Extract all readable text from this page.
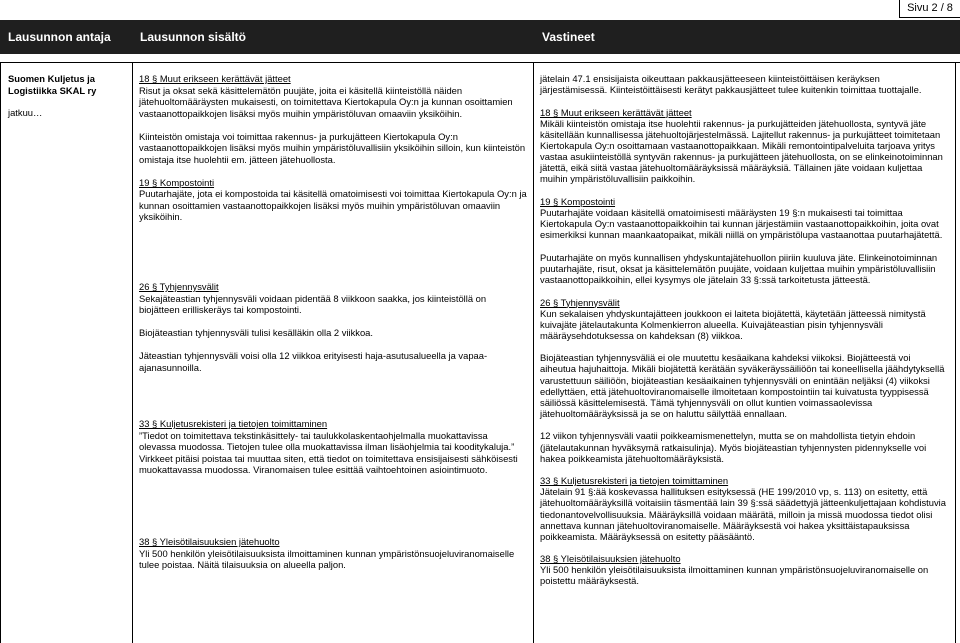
Sivu 2 / 8
Lausunnon antaja Lausunnon sisältö	Vastineet
Suomen Kuljetus ja Logistiikka SKAL ry
jatkuu…
18 § Muut erikseen kerättävät jätteet

Risut ja oksat sekä käsittelemätön puujäte, joita ei käsitellä kiinteistöllä näiden jätehuoltomääräysten mukaisesti, on toimitettava Kiertokapula Oy:n ja kunnan osoittamien vastaanottopaikkojen lisäksi myös muihin ympäristöluvan omaaviin yksiköihin.

Kiinteistön omistaja voi toimittaa rakennus- ja purkujätteen Kiertokapula Oy:n vastaanottopaikkojen lisäksi myös muihin ympäristöluvallisiin yksiköihin silloin, kun kiinteistön omistaja itse huolehtii em. jätteen jätehuollosta.

19 § Kompostointi

Puutarhajäte, jota ei kompostoida tai käsitellä omatoimisesti voi toimittaa Kiertokapula Oy:n ja kunnan osoittamien vastaanottopaikkojen lisäksi myös muihin ympäristöluvan omaaviin yksiköihin.

26 § Tyhjennysvälit

Sekajäteastian tyhjennysväli voidaan pidentää 8 viikkoon saakka, jos kiinteistöllä on biojätteen erilliskeräys tai kompostointi.

Biojäteastian tyhjennysväli tulisi kesälläkin olla 2 viikkoa.

Jäteastian tyhjennysväli voisi olla 12 viikkoa erityisesti haja-asutusalueella ja vapaa-ajanasunnoilla.

33 § Kuljetusrekisteri ja tietojen toimittaminen

”Tiedot on toimitettava tekstinkäsittely- tai taulukkolaskentaohjelmalla muokattavissa olevassa muodossa. Tietojen tulee olla muokattavissa ilman lisäohjelmia tai kooditykaluja.” Virkkeet pitäisi poistaa tai muuttaa siten, että tiedot on toimitettava ensisijaisesti sähköisesti muokattavassa muodossa. Viranomaisen tulee esittää vaihtoehtoinen asiointimuoto.

38 § Yleisötilaisuuksien jätehuolto

Yli 500 henkilön yleisötilaisuuksista ilmoittaminen kunnan ympäristönsuojeluviranomaiselle tulee poistaa. Näitä tilaisuuksia on alueella paljon.

jätelain 47.1 ensisijaista oikeuttaan pakkausjätteeseen kiinteistöittäisen keräyksen järjestämisessä. Kiinteistöittäisesti kerätyt pakkausjätteet tulee kuitenkin toimittaa tuottajalle.

18 § Muut erikseen kerättävät jätteet

Mikäli kiinteistön omistaja itse huolehtii rakennus- ja purkujätteiden jätehuollosta, syntyvä jäte käsitellään kunnallisessa jätehuoltojärjestelmässä. Lajitellut rakennus- ja purkujätteet toimitetaan Kiertokapula Oy:n osoittamaan vastaanottopaikkaan. Mikäli remontointipalveluita tarjoava yritys vastaa asukiinteistöllä syntyvän rakennus- ja purkujätteen jätehuollosta, on se elinkeinotoiminnan jätettä, eikä siitä vastaa jätehuoltomääräyksissä määräyksiä. Tällainen jäte voidaan kuljettaa muihin ympäristöluvallisiin paikkoihin.

19 § Kompostointi

Puutarhajäte voidaan käsitellä omatoimisesti määräysten 19 §:n mukaisesti tai toimittaa Kiertokapula Oy:n vastaanottopaikkoihin tai kunnan järjestämiin vastaanottopaikkoihin, joita ovat esimerkiksi kunnan maankaatopaikat, mikäli niillä on ympäristölupa vastaanottaa puutarhajätettä.

Puutarhajäte on myös kunnallisen yhdyskuntajätehuollon piiriin kuuluva jäte. Elinkeinotoiminnan puutarhajäte, risut, oksat ja käsittelemätön puujäte, voidaan kuljettaa muihin ympäristöluvallisiin vastaanottopaikkoihin, ellei kysymys ole jätelain 33 §:ssä tarkoitetusta jätteestä.

26 § Tyhjennysvälit

Kun sekalaisen yhdyskuntajätteen joukkoon ei laiteta biojätettä, käytetään jätteessä nimitystä kuivajäte jätelautakunta Kolmenkierron alueella. Kuivajäteastian pisin tyhjennysväli määräysehdotuksessa on kahdeksan (8) viikkoa.

Biojäteastian tyhjennysväliä ei ole muutettu kesäaikana kahdeksi viikoksi. Biojätteestä voi aiheutua hajuhaittoja. Mikäli biojätettä kerätään syväkeräyssäiliöön tai koneellisella jäähdytyksellä varustettuun säiliöön, biojäteastian kesäaikainen tyhjennysväli on enintään neljäksi (4) viikoksi edellyttäen, että jätehuoltoviranomaiselle ilmoitetaan kompostointiin tai kuivatusta tyyppisessä säiliössä käsittelemisestä. Tämä tyhjennysväli on ollut kuntien voimassaolevissa jätehuoltomääräyksissä ja se on haluttu säilyttää ennallaan.

12 viikon tyhjennysväli vaatii poikkeamismenettelyn, mutta se on mahdollista tietyin ehdoin (jätelautakunnan hyväksymä ratkaisulinja). Myös biojäteastian tyhjennysten pidennykselle voi hakea poikkeamista jätehuoltomääräyksistä.

33 § Kuljetusrekisteri ja tietojen toimittaminen

Jätelain 91 §:ää koskevassa hallituksen esityksessä (HE 199/2010 vp, s. 113) on esitetty, että jätehuoltomääräyksillä voitaisiin täsmentää lain 39 §:ssä säädettyjä jätteenkuljettajaan kohdistuvia tiedonantovelvollisuuksia. Määräyksillä voidaan määrätä, milloin ja missä muodossa tiedot olisi annettava kunnan jätehuoltoviranomaiselle. Määräyksestä voi hakea yksittäistapauksissa poikkeamista. Määräyksessä on esitetty pääsääntö.

38 § Yleisötilaisuuksien jätehuolto

Yli 500 henkilön yleisötilaisuuksista ilmoittaminen kunnan ympäristönsuojeluviranomaiselle on poistettu määräyksestä.
